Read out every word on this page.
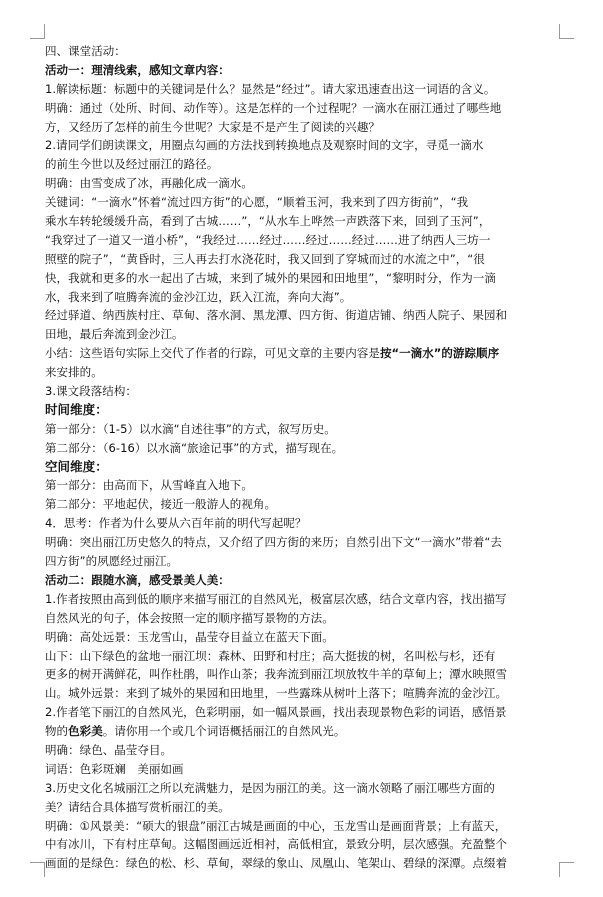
四、课堂活动：
活动一：理清线索，感知文章内容：
1.解读标题：标题中的关键词是什么？显然是“经过”。请大家迅速查出这一词语的含义。
明确：通过（处所、时间、动作等）。这是怎样的一个过程呢？一滴水在丽江通过了哪些地
方，又经历了怎样的前生今世呢？大家是不是产生了阅读的兴趣？
2.请同学们朗读课文，用圈点勾画的方法找到转换地点及观察时间的文字，寻觅一滴水
的前生今世以及经过丽江的路径。
明确：由雪变成了冰，再融化成一滴水。
关键词：“一滴水”怀着“流过四方街”的心愿，“顺着玉河，我来到了四方街前”，“我
乘水车转轮缓缓升高，看到了古城……”，“从水车上哗然一声跌落下来，回到了玉河”，
“我穿过了一道又一道小桥”，“我经过……经过……经过……经过……进了纳西人三坊一
照壁的院子”，“黄昏时，三人再去打水浇花时，我又回到了穿城而过的水流之中”，“很
快，我就和更多的水一起出了古城，来到了城外的果园和田地里”，“黎明时分，作为一滴
水，我来到了喧腾奔流的金沙江边，跃入江流，奔向大海”。
经过驿道、纳西族村庄、草甸、落水洞、黑龙潭、四方街、街道店铺、纳西人院子、果园和
田地，最后奔流到金沙江。
小结：这些语句实际上交代了作者的行踪，可见文章的主要内容是按“一滴水”的游踪顺序
来安排的。
3.课文段落结构：
时间维度：
第一部分：（1-5）以水滴“自述往事”的方式，叙写历史。
第二部分：（6-16）以水滴“旅途记事”的方式，描写现在。
空间维度：
第一部分：由高而下，从雪峰直入地下。
第二部分：平地起伏，接近一般游人的视角。
4．思考：作者为什么要从六百年前的明代写起呢？
明确：突出丽江历史悠久的特点，又介绍了四方街的来历；自然引出下文“一滴水”带着“去
四方街”的夙愿经过丽江。
活动二：跟随水滴，感受景美人美：
1.作者按照由高到低的顺序来描写丽江的自然风光，极富层次感，结合文章内容，找出描写
自然风光的句子，体会按照一定的顺序描写景物的方法。
明确：高处远景：玉龙雪山，晶莹夺目益立在蓝天下面。
山下：山下绿色的盆地一丽江坝：森林、田野和村庄；高大挺拔的树，名叫松与杉，还有
更多的树开满鲜花，叫作杜鹃，叫作山茶；我奔流到丽江坝放牧牛羊的草甸上；潭水映照雪
山。城外远景：来到了城外的果园和田地里，一些露珠从树叶上落下；喧腾奔流的金沙江。
2.作者笔下丽江的自然风光，色彩明丽，如一幅风景画，找出表现景物色彩的词语，感悟景
物的色彩美。请你用一个或几个词语概括丽江的自然风光。
明确：绿色、晶莹夺目。
词语：色彩斑斓　美丽如画
3.历史文化名城丽江之所以充满魅力，是因为丽江的美。这一滴水领略了丽江哪些方面的
美？请结合具体描写赏析丽江的美。
明确：①风景美：“硕大的银盘”丽江古城是画面的中心，玉龙雪山是画面背景；上有蓝天，
中有冰川，下有村庄草甸。这幅图画远近相衬，高低相宜，景致分明，层次感强。充盈整个
画面的是绿色：绿色的松、杉、草甸，翠绿的象山、凤凰山、笔架山、碧绿的深潭。点缀着
